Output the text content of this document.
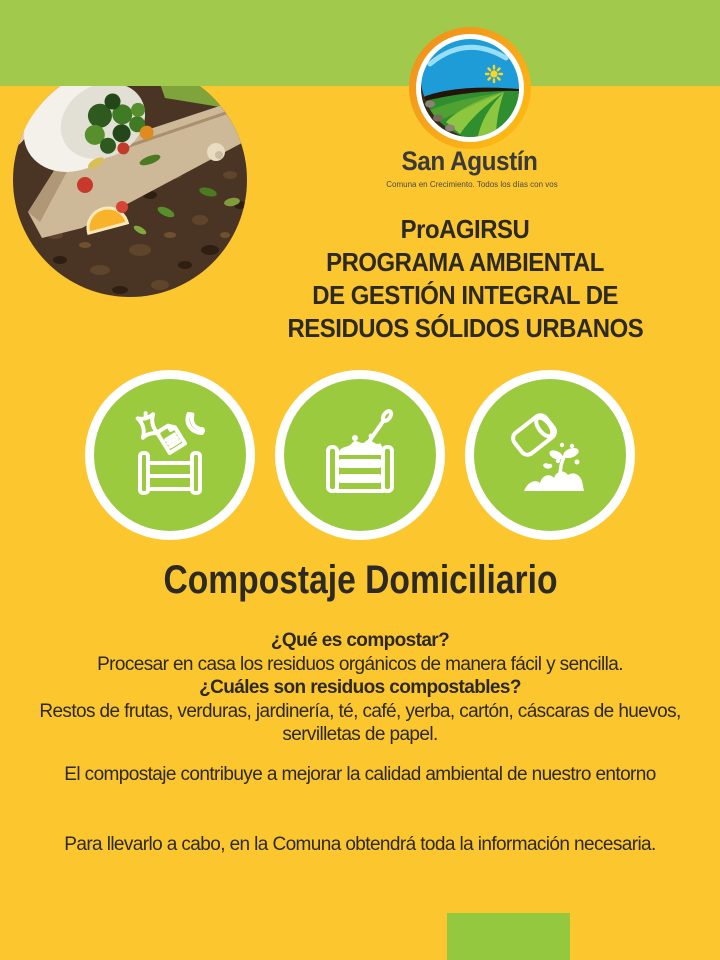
San Agustín
Comuna en Crecimiento. Todos los días con vos
ProAGIRSU
PROGRAMA AMBIENTAL
DE GESTIÓN INTEGRAL DE
RESIDUOS SÓLIDOS URBANOS
Compostaje Domiciliario
¿Qué es compostar?
Procesar en casa los residuos orgánicos de manera fácil y sencilla.
¿Cuáles son residuos compostables?
Restos de frutas, verduras, jardinería, té, café, yerba, cartón, cáscaras de huevos, servilletas de papel.
El compostaje contribuye a mejorar la calidad ambiental de nuestro entorno
Para llevarlo a cabo, en la Comuna obtendrá toda la información necesaria.
